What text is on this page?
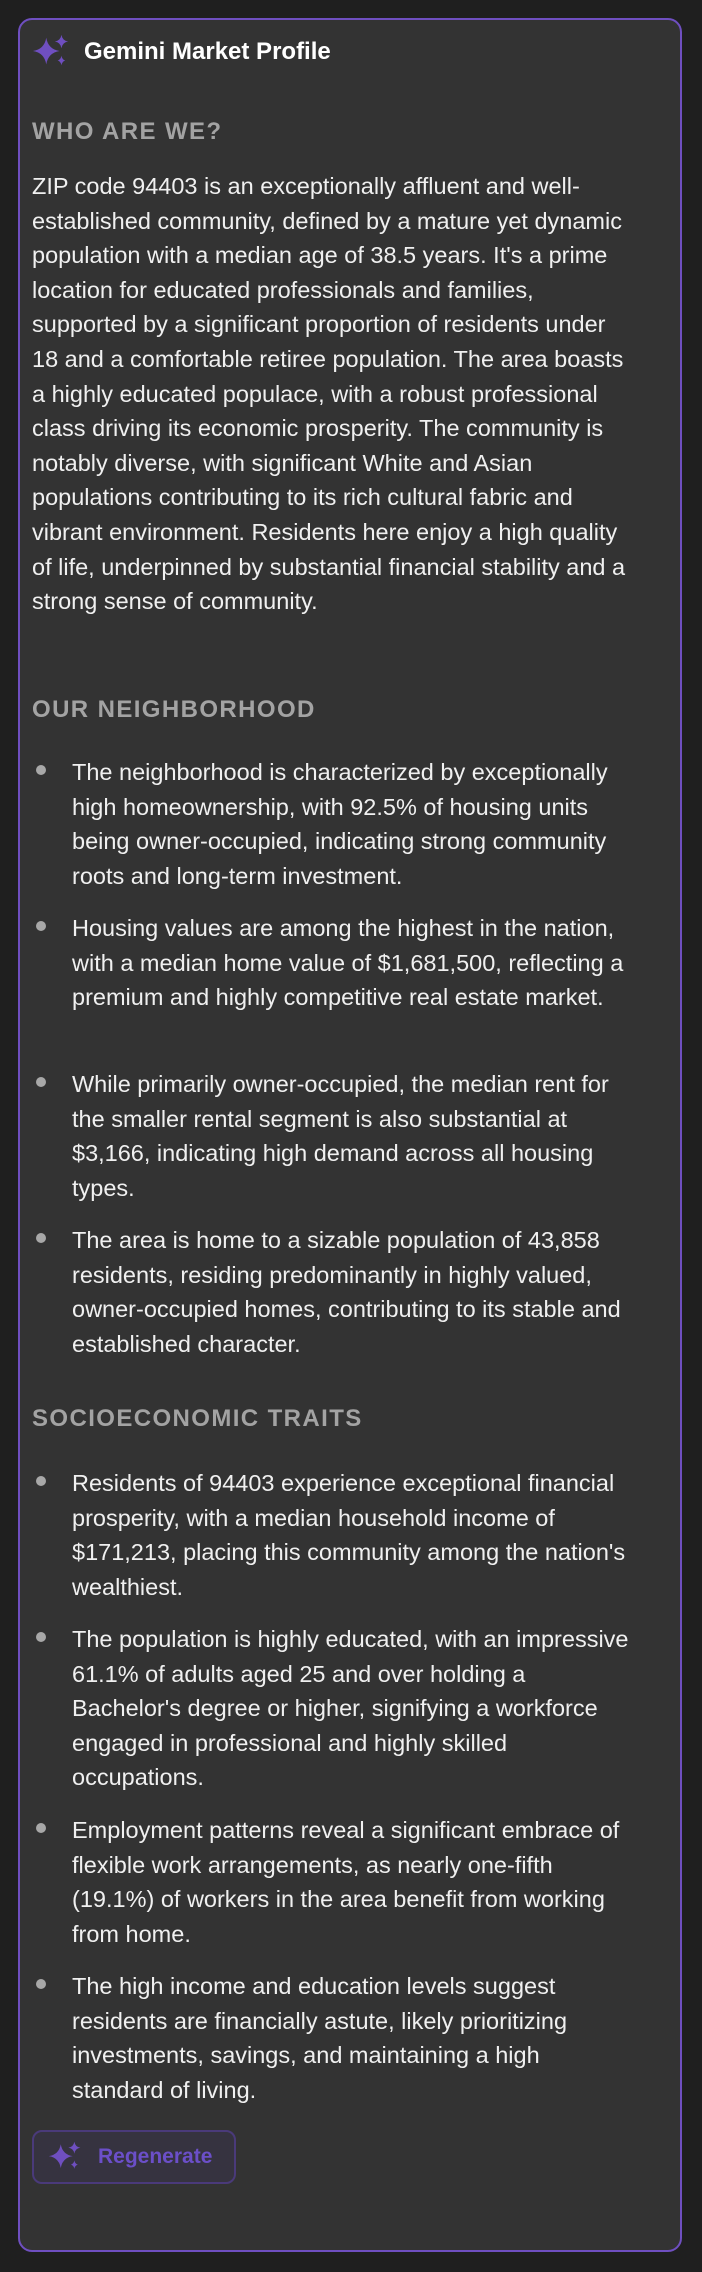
Gemini Market Profile
WHO ARE WE?
ZIP code 94403 is an exceptionally affluent and well-established community, defined by a mature yet dynamic population with a median age of 38.5 years. It's a prime location for educated professionals and families, supported by a significant proportion of residents under 18 and a comfortable retiree population. The area boasts a highly educated populace, with a robust professional class driving its economic prosperity. The community is notably diverse, with significant White and Asian populations contributing to its rich cultural fabric and vibrant environment. Residents here enjoy a high quality of life, underpinned by substantial financial stability and a strong sense of community.
OUR NEIGHBORHOOD
The neighborhood is characterized by exceptionally high homeownership, with 92.5% of housing units being owner-occupied, indicating strong community roots and long-term investment.
Housing values are among the highest in the nation, with a median home value of $1,681,500, reflecting a premium and highly competitive real estate market.
While primarily owner-occupied, the median rent for the smaller rental segment is also substantial at $3,166, indicating high demand across all housing types.
The area is home to a sizable population of 43,858 residents, residing predominantly in highly valued, owner-occupied homes, contributing to its stable and established character.
SOCIOECONOMIC TRAITS
Residents of 94403 experience exceptional financial prosperity, with a median household income of $171,213, placing this community among the nation's wealthiest.
The population is highly educated, with an impressive 61.1% of adults aged 25 and over holding a Bachelor's degree or higher, signifying a workforce engaged in professional and highly skilled occupations.
Employment patterns reveal a significant embrace of flexible work arrangements, as nearly one-fifth (19.1%) of workers in the area benefit from working from home.
The high income and education levels suggest residents are financially astute, likely prioritizing investments, savings, and maintaining a high standard of living.
Regenerate
